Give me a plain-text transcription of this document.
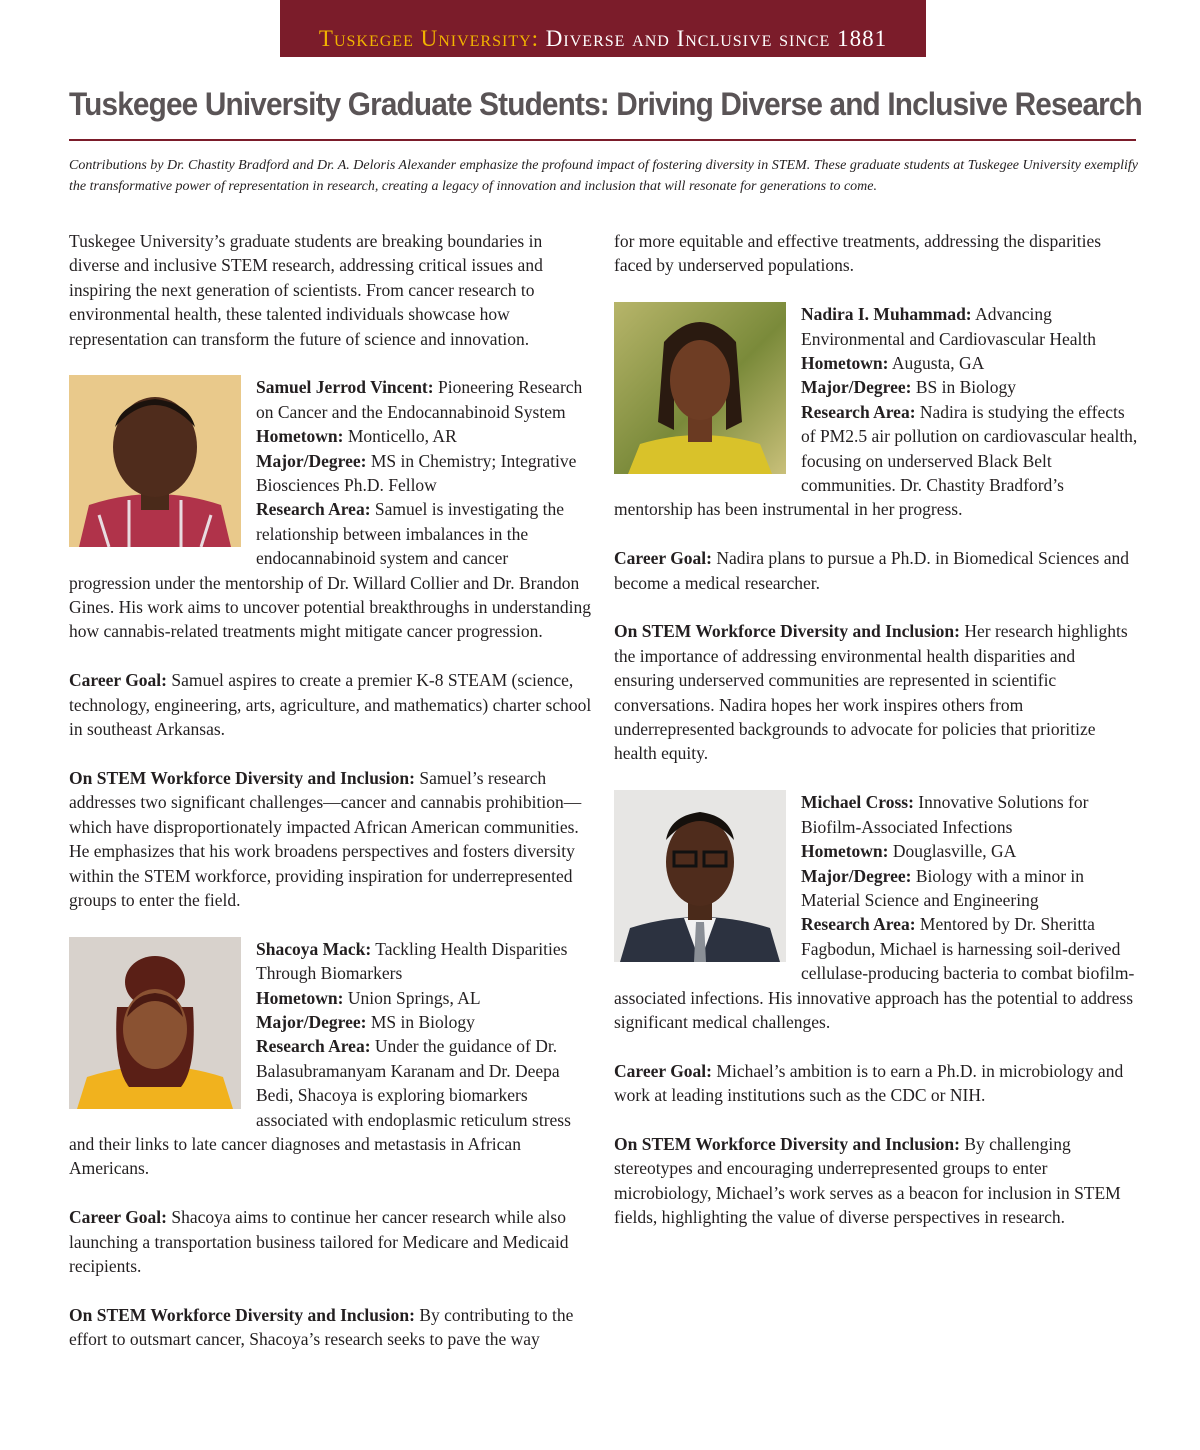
Tuskegee University: Diverse and Inclusive since 1881
Tuskegee University Graduate Students: Driving Diverse and Inclusive Research

Contributions by Dr. Chastity Bradford and Dr. A. Deloris Alexander emphasize the profound impact of fostering diversity in STEM. These graduate students at Tuskegee University exemplify the transformative power of representation in research, creating a legacy of innovation and inclusion that will resonate for generations to come.

Tuskegee University’s graduate students are breaking boundaries in diverse and inclusive STEM research, addressing critical issues and inspiring the next generation of scientists. From cancer research to environmental health, these talented individuals showcase how representation can transform the future of science and innovation.

Samuel Jerrod Vincent: Pioneering Research on Cancer and the Endocannabinoid System
Hometown: Monticello, AR
Major/Degree: MS in Chemistry; Integrative Biosciences Ph.D. Fellow
Research Area: Samuel is investigating the relationship between imbalances in the endocannabinoid system and cancer progression under the mentorship of Dr. Willard Collier and Dr. Brandon Gines. His work aims to uncover potential breakthroughs in understanding how cannabis-related treatments might mitigate cancer progression.

Career Goal: Samuel aspires to create a premier K-8 STEAM (science, technology, engineering, arts, agriculture, and mathematics) charter school in southeast Arkansas.

On STEM Workforce Diversity and Inclusion: Samuel’s research addresses two significant challenges—cancer and cannabis prohibition—which have disproportionately impacted African American communities. He emphasizes that his work broadens perspectives and fosters diversity within the STEM workforce, providing inspiration for underrepresented groups to enter the field.

Shacoya Mack: Tackling Health Disparities Through Biomarkers
Hometown: Union Springs, AL
Major/Degree: MS in Biology
Research Area: Under the guidance of Dr. Balasubramanyam Karanam and Dr. Deepa Bedi, Shacoya is exploring biomarkers associated with endoplasmic reticulum stress and their links to late cancer diagnoses and metastasis in African Americans.

Career Goal: Shacoya aims to continue her cancer research while also launching a transportation business tailored for Medicare and Medicaid recipients.

On STEM Workforce Diversity and Inclusion: By contributing to the effort to outsmart cancer, Shacoya’s research seeks to pave the way

for more equitable and effective treatments, addressing the disparities faced by underserved populations.

Nadira I. Muhammad: Advancing Environmental and Cardiovascular Health
Hometown: Augusta, GA
Major/Degree: BS in Biology
Research Area: Nadira is studying the effects of PM2.5 air pollution on cardiovascular health, focusing on underserved Black Belt communities. Dr. Chastity Bradford’s mentorship has been instrumental in her progress.

Career Goal: Nadira plans to pursue a Ph.D. in Biomedical Sciences and become a medical researcher.

On STEM Workforce Diversity and Inclusion: Her research highlights the importance of addressing environmental health disparities and ensuring underserved communities are represented in scientific conversations. Nadira hopes her work inspires others from underrepresented backgrounds to advocate for policies that prioritize health equity.

Michael Cross: Innovative Solutions for Biofilm-Associated Infections
Hometown: Douglasville, GA
Major/Degree: Biology with a minor in Material Science and Engineering
Research Area: Mentored by Dr. Sheritta Fagbodun, Michael is harnessing soil-derived cellulase-producing bacteria to combat biofilm-associated infections. His innovative approach has the potential to address significant medical challenges.

Career Goal: Michael’s ambition is to earn a Ph.D. in microbiology and work at leading institutions such as the CDC or NIH.

On STEM Workforce Diversity and Inclusion: By challenging stereotypes and encouraging underrepresented groups to enter microbiology, Michael’s work serves as a beacon for inclusion in STEM fields, highlighting the value of diverse perspectives in research.
